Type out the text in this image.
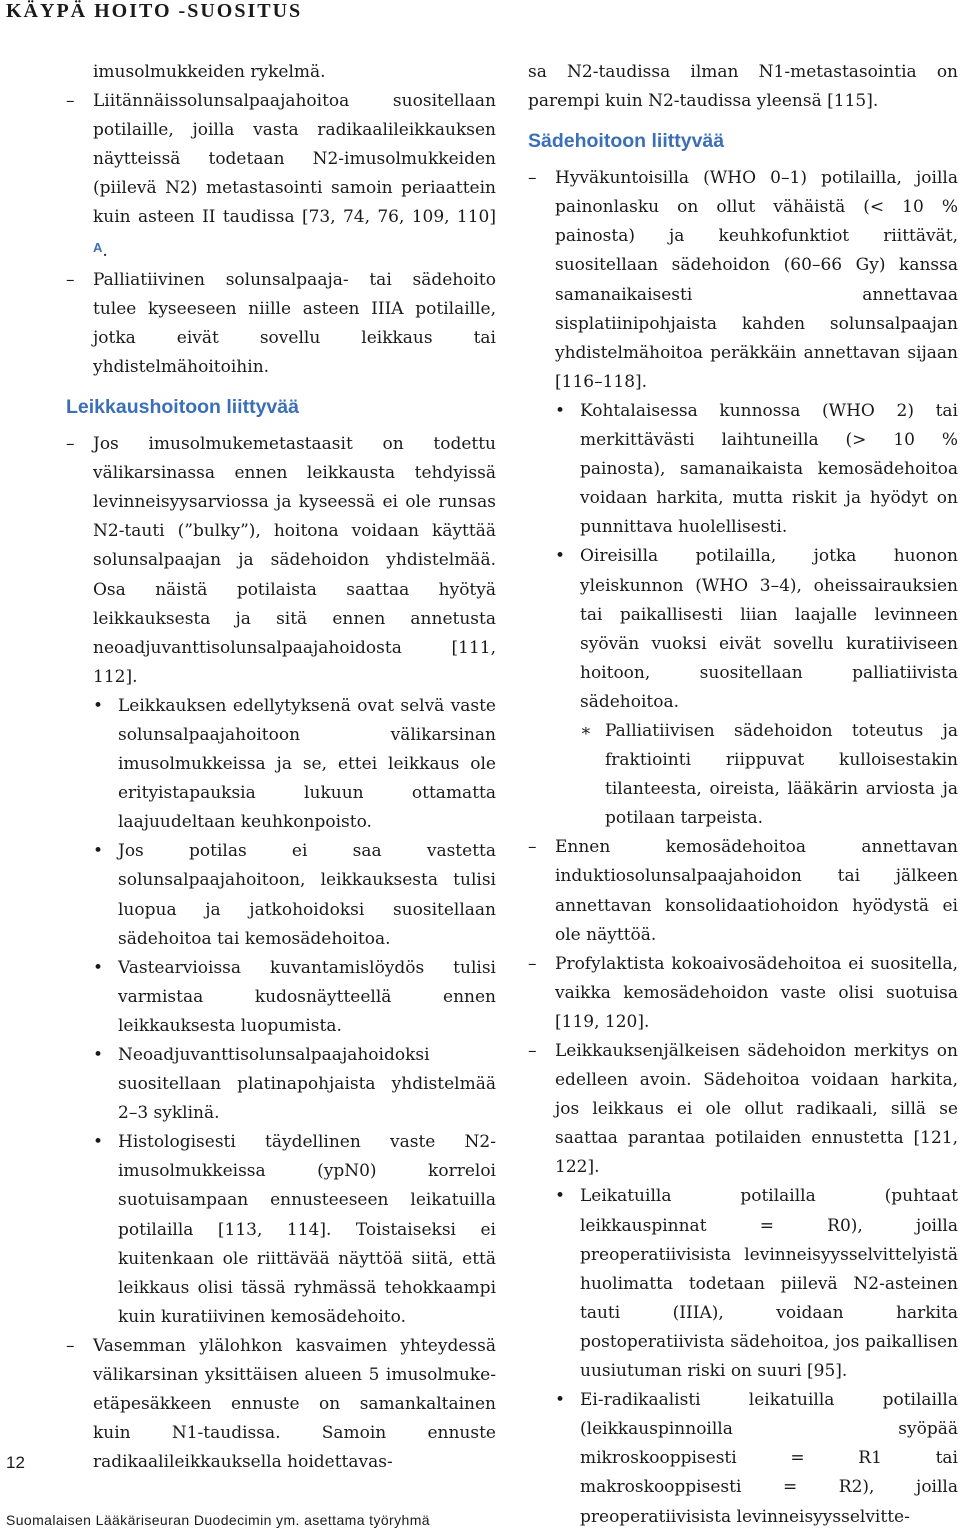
KÄYPÄ HOITO -SUOSITUS

imusolmukkeiden rykelmä.

– Liitännäissolunsalpaajahoitoa suositellaan potilaille, joilla vasta radikaalileikkauksen näytteissä todetaan N2-imusolmukkeiden (piilevä N2) metastasointi samoin periaattein kuin asteen II taudissa [73, 74, 76, 109, 110] $^A$.

– Palliatiivinen solunsalpaaja- tai sädehoito tulee kyseeseen niille asteen IIIA potilaille, jotka eivät sovellu leikkaus tai yhdistelmähoitoihin.

Leikkaushoitoon liittyvää

– Jos imusolmukemetastaasit on todettu välikarsinassa ennen leikkausta tehdyissä levinneisyysarviossa ja kyseessä ei ole runsas N2-tauti (”bulky”), hoitona voidaan käyttää solunsalpaajan ja sädehoidon yhdistelmää. Osa näistä potilaista saattaa hyötyä leikkauksesta ja sitä ennen annetusta neoadjuvanttisolunsalpaajahoidosta [111, 112].

• Leikkauksen edellytyksenä ovat selvä vaste solunsalpaajahoitoon välikarsinan imusolmukkeissa ja se, ettei leikkaus ole erityistapauksia lukuun ottamatta laajuudeltaan keuhkonpoisto.

• Jos potilas ei saa vastetta solunsalpaajahoitoon, leikkauksesta tulisi luopua ja jatkohoidoksi suositellaan sädehoitoa tai kemosädehoitoa.

• Vastearvioissa kuvantamislöydös tulisi varmistaa kudosnäytteellä ennen leikkauksesta luopumista.

• Neoadjuvanttisolunsalpaajahoidoksi suositellaan platinapohjaista yhdistelmää 2–3 syklinä.

• Histologisesti täydellinen vaste N2-imusolmukkeissa (ypN0) korreloi suotuisampaan ennusteeseen leikatuilla potilailla [113, 114]. Toistaiseksi ei kuitenkaan ole riittävää näyttöä siitä, että leikkaus olisi tässä ryhmässä tehokkaampi kuin kuratiivinen kemosädehoito.

– Vasemman ylälohkon kasvaimen yhteydessä välikarsinan yksittäisen alueen 5 imusolmuke-etäpesäkkeen ennuste on samankaltainen kuin N1-taudissa. Samoin ennuste radikaalileikkauksella hoidettavas-

sa N2-taudissa ilman N1-metastasointia on parempi kuin N2-taudissa yleensä [115].

Sädehoitoon liittyvää

– Hyväkuntoisilla (WHO 0–1) potilailla, joilla painonlasku on ollut vähäistä (< 10 % painosta) ja keuhkofunktiot riittävät, suositellaan sädehoidon (60–66 Gy) kanssa samanaikaisesti annettavaa sisplatiinipohjaista kahden solunsalpaajan yhdistelmähoitoa peräkkäin annettavan sijaan [116–118].

• Kohtalaisessa kunnossa (WHO 2) tai merkittävästi laihtuneilla (> 10 % painosta), samanaikaista kemosädehoitoa voidaan harkita, mutta riskit ja hyödyt on punnittava huolellisesti.

• Oireisilla potilailla, jotka huonon yleiskunnon (WHO 3–4), oheissairauksien tai paikallisesti liian laajalle levinneen syövän vuoksi eivät sovellu kuratiiviseen hoitoon, suositellaan palliatiivista sädehoitoa.

∗ Palliatiivisen sädehoidon toteutus ja fraktiointi riippuvat kulloisestakin tilanteesta, oireista, lääkärin arviosta ja potilaan tarpeista.

– Ennen kemosädehoitoa annettavan induktiosolunsalpaajahoidon tai jälkeen annettavan konsolidaatiohoidon hyödystä ei ole näyttöä.

– Profylaktista kokoaivosädehoitoa ei suositella, vaikka kemosädehoidon vaste olisi suotuisa [119, 120].

– Leikkauksenjälkeisen sädehoidon merkitys on edelleen avoin. Sädehoitoa voidaan harkita, jos leikkaus ei ole ollut radikaali, sillä se saattaa parantaa potilaiden ennustetta [121, 122].

• Leikatuilla potilailla (puhtaat leikkauspinnat = R0), joilla preoperatiivisista levinneisyysselvittelyistä huolimatta todetaan piilevä N2-asteinen tauti (IIIA), voidaan harkita postoperatiivista sädehoitoa, jos paikallisen uusiutuman riski on suuri [95].

• Ei-radikaalisti leikatuilla potilailla (leikkauspinnoilla syöpää mikroskooppisesti = R1 tai makroskooppisesti = R2), joilla preoperatiivisista levinneisyysselvitte-

12
Suomalaisen Lääkäriseuran Duodecimin ym. asettama työryhmä
